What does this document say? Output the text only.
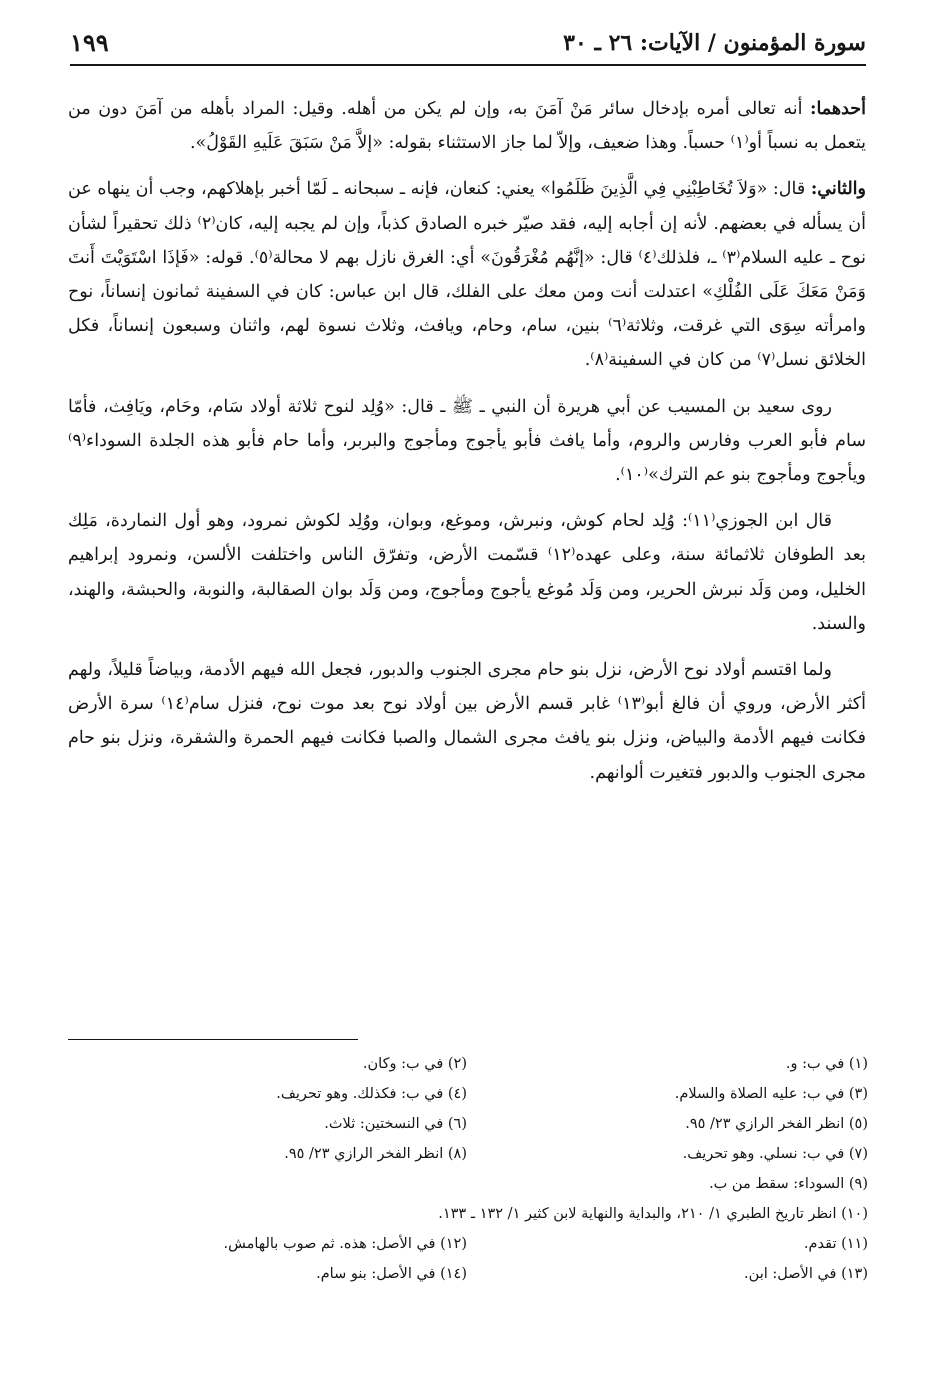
سورة المؤمنون / الآيات: ٢٦ ـ ٣٠
١٩٩

أحدهما: أنه تعالى أمره بإدخال سائر مَنْ آمَنَ به، وإن لم يكن من أهله. وقيل: المراد بأهله من آمَنَ دون من يتعمل به نسباً أو⁽١⁾ حسباً. وهذا ضعيف، وإلاّ لما جاز الاستثناء بقوله: «إلاَّ مَنْ سَبَقَ عَلَيهِ القَوْلُ».

والثاني: قال: «وَلاَ تُخَاطِبْنِي فِي الَّذِينَ ظَلَمُوا» يعني: كنعان، فإنه ـ سبحانه ـ لَمّا أخبر بإهلاكهم، وجب أن ينهاه عن أن يسأله في بعضهم. لأنه إن أجابه إليه، فقد صيّر خبره الصادق كذباً، وإن لم يجبه إليه، كان⁽٢⁾ ذلك تحقيراً لشأن نوح ـ عليه السلام⁽٣⁾ ـ، فلذلك⁽٤⁾ قال: «إنَّهُم مُغْرَقُونَ» أي: الغرق نازل بهم لا محالة⁽٥⁾. قوله: «فَإذَا اسْتَوَيْتَ أَنتَ وَمَنْ مَعَكَ عَلَى الفُلْكِ» اعتدلت أنت ومن معك على الفلك، قال ابن عباس: كان في السفينة ثمانون إنساناً، نوح وامرأته سِوَى التي غرقت، وثلاثة⁽٦⁾ بنين، سام، وحام، ويافث، وثلاث نسوة لهم، واثنان وسبعون إنساناً، فكل الخلائق نسل⁽٧⁾ من كان في السفينة⁽٨⁾.

روى سعيد بن المسيب عن أبي هريرة أن النبي ـ ﷺ ـ قال: «وُلِد لنوح ثلاثة أولاد سَام، وحَام، ويَافِث، فأمّا سام فأبو العرب وفارس والروم، وأما يافث فأبو يأجوج ومأجوج والبربر، وأما حام فأبو هذه الجلدة السوداء⁽٩⁾ ويأجوج ومأجوج بنو عم الترك»⁽١٠⁾.

قال ابن الجوزي⁽١١⁾: وُلِد لحام كوش، ونبرش، وموغع، وبوان، ووُلِد لكوش نمرود، وهو أول النماردة، مَلِك بعد الطوفان ثلاثمائة سنة، وعلى عهده⁽١٢⁾ قسّمت الأرض، وتفرّق الناس واختلفت الألسن، ونمرود إبراهيم الخليل، ومن وَلَد نبرش الحرير، ومن وَلَد مُوغع يأجوج ومأجوج، ومن وَلَد بوان الصقالبة، والنوبة، والحبشة، والهند، والسند.

ولما اقتسم أولاد نوح الأرض، نزل بنو حام مجرى الجنوب والدبور، فجعل الله فيهم الأدمة، وبياضاً قليلاً، ولهم أكثر الأرض، وروي أن فالغ أبو⁽١٣⁾ غابر قسم الأرض بين أولاد نوح بعد موت نوح، فنزل سام⁽١٤⁾ سرة الأرض فكانت فيهم الأدمة والبياض، ونزل بنو يافث مجرى الشمال والصبا فكانت فيهم الحمرة والشقرة، ونزل بنو حام مجرى الجنوب والدبور فتغيرت ألوانهم.

(١) في ب: و.
(٢) في ب: وكان.
(٣) في ب: عليه الصلاة والسلام.
(٤) في ب: فكذلك. وهو تحريف.
(٥) انظر الفخر الرازي ٢٣/ ٩٥.
(٦) في النسختين: ثلاث.
(٧) في ب: نسلي. وهو تحريف.
(٨) انظر الفخر الرازي ٢٣/ ٩٥.
(٩) السوداء: سقط من ب.
(١٠) انظر تاريخ الطبري ١/ ٢١٠، والبداية والنهاية لابن كثير ١/ ١٣٢ ـ ١٣٣.
(١١) تقدم.
(١٢) في الأصل: هذه. ثم صوب بالهامش.
(١٣) في الأصل: ابن.
(١٤) في الأصل: بنو سام.
